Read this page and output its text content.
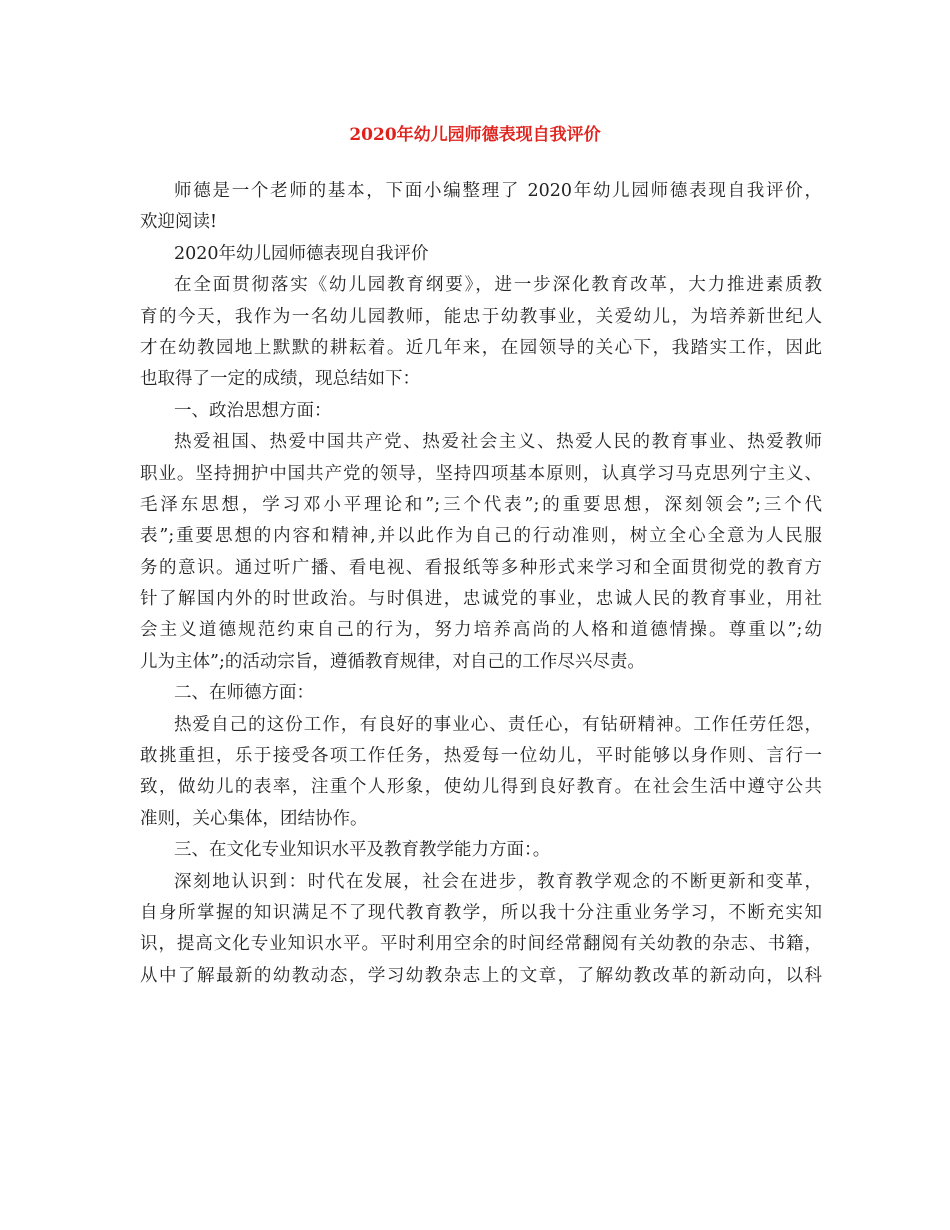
2020年幼儿园师德表现自我评价
师德是一个老师的基本，下面小编整理了 2020年幼儿园师德表现自我评价，
欢迎阅读!
2020年幼儿园师德表现自我评价
在全面贯彻落实《幼儿园教育纲要》，进一步深化教育改革，大力推进素质教
育的今天，我作为一名幼儿园教师，能忠于幼教事业，关爱幼儿，为培养新世纪人
才在幼教园地上默默的耕耘着。近几年来，在园领导的关心下，我踏实工作，因此
也取得了一定的成绩，现总结如下：
一、政治思想方面：
热爱祖国、热爱中国共产党、热爱社会主义、热爱人民的教育事业、热爱教师
职业。坚持拥护中国共产党的领导，坚持四项基本原则，认真学习马克思列宁主义、
毛泽东思想，学习邓小平理论和”;三个代表”;的重要思想，深刻领会”;三个代
表”;重要思想的内容和精神,并以此作为自己的行动准则，树立全心全意为人民服
务的意识。通过听广播、看电视、看报纸等多种形式来学习和全面贯彻党的教育方
针了解国内外的时世政治。与时俱进，忠诚党的事业，忠诚人民的教育事业，用社
会主义道德规范约束自己的行为，努力培养高尚的人格和道德情操。尊重以”;幼
儿为主体”;的活动宗旨，遵循教育规律，对自己的工作尽兴尽责。
二、在师德方面：
热爱自己的这份工作，有良好的事业心、责任心，有钻研精神。工作任劳任怨，
敢挑重担，乐于接受各项工作任务，热爱每一位幼儿，平时能够以身作则、言行一
致，做幼儿的表率，注重个人形象，使幼儿得到良好教育。在社会生活中遵守公共
准则，关心集体，团结协作。
三、在文化专业知识水平及教育教学能力方面：。
深刻地认识到：时代在发展，社会在进步，教育教学观念的不断更新和变革，
自身所掌握的知识满足不了现代教育教学，所以我十分注重业务学习，不断充实知
识，提高文化专业知识水平。平时利用空余的时间经常翻阅有关幼教的杂志、书籍，
从中了解最新的幼教动态，学习幼教杂志上的文章，了解幼教改革的新动向，以科
